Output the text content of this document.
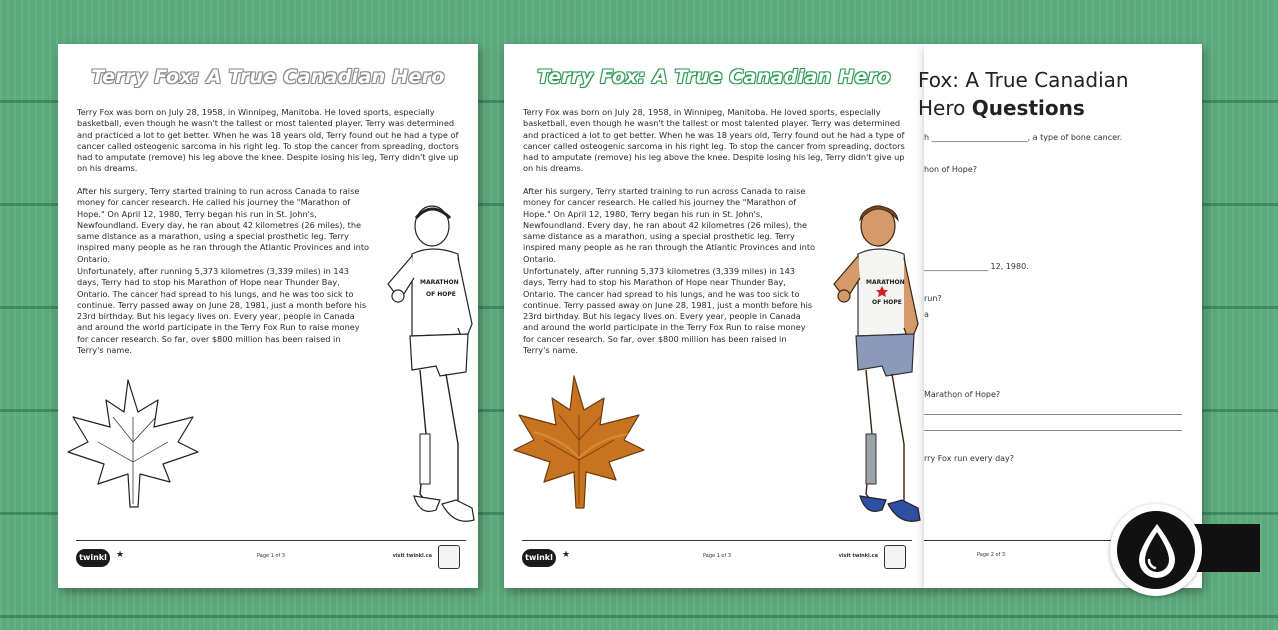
Terry Fox: A True Canadian Hero
Terry Fox was born on July 28, 1958, in Winnipeg, Manitoba. He loved sports, especially basketball, even though he wasn't the tallest or most talented player. Terry was determined and practiced a lot to get better. When he was 18 years old, Terry found out he had a type of cancer called osteogenic sarcoma in his right leg. To stop the cancer from spreading, doctors had to amputate (remove) his leg above the knee. Despite losing his leg, Terry didn't give up on his dreams.
After his surgery, Terry started training to run across Canada to raise money for cancer research. He called his journey the "Marathon of Hope." On April 12, 1980, Terry began his run in St. John's, Newfoundland. Every day, he ran about 42 kilometres (26 miles), the same distance as a marathon, using a special prosthetic leg. Terry inspired many people as he ran through the Atlantic Provinces and into Ontario.
Unfortunately, after running 5,373 kilometres (3,339 miles) in 143 days, Terry had to stop his Marathon of Hope near Thunder Bay, Ontario. The cancer had spread to his lungs, and he was too sick to continue. Terry passed away on June 28, 1981, just a month before his 23rd birthday. But his legacy lives on. Every year, people in Canada and around the world participate in the Terry Fox Run to raise money for cancer research. So far, over $800 million has been raised in Terry's name.
MARATHON
OF HOPE
twinkl	★	Page 1 of 3	visit twinkl.ca
Terry Fox: A True Canadian Hero
Terry Fox was born on July 28, 1958, in Winnipeg, Manitoba. He loved sports, especially basketball, even though he wasn't the tallest or most talented player. Terry was determined and practiced a lot to get better. When he was 18 years old, Terry found out he had a type of cancer called osteogenic sarcoma in his right leg. To stop the cancer from spreading, doctors had to amputate (remove) his leg above the knee. Despite losing his leg, Terry didn't give up on his dreams.
After his surgery, Terry started training to run across Canada to raise money for cancer research. He called his journey the "Marathon of Hope." On April 12, 1980, Terry began his run in St. John's, Newfoundland. Every day, he ran about 42 kilometres (26 miles), the same distance as a marathon, using a special prosthetic leg. Terry inspired many people as he ran through the Atlantic Provinces and into Ontario.
Unfortunately, after running 5,373 kilometres (3,339 miles) in 143 days, Terry had to stop his Marathon of Hope near Thunder Bay, Ontario. The cancer had spread to his lungs, and he was too sick to continue. Terry passed away on June 28, 1981, just a month before his 23rd birthday. But his legacy lives on. Every year, people in Canada and around the world participate in the Terry Fox Run to raise money for cancer research. So far, over $800 million has been raised in Terry's name.
MARATHON
OF HOPE
twinkl	★	Page 1 of 3	visit twinkl.ca
Fox: A True Canadian
Hero Questions
h ________________________, a type of bone cancer.
hon of Hope?
________________ 12, 1980.
run?
a
Marathon of Hope?
rry Fox run every day?
Page 2 of 3
